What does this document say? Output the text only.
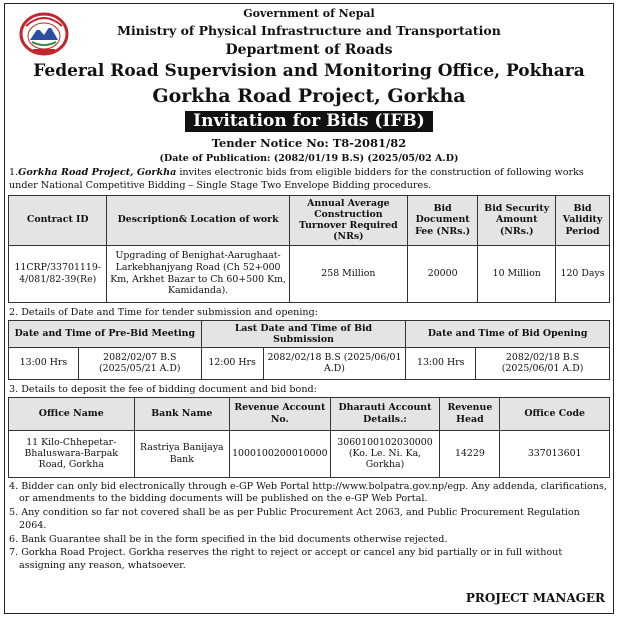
Government of Nepal
Ministry of Physical Infrastructure and Transportation
Department of Roads
Federal Road Supervision and Monitoring Office, Pokhara
Gorkha Road Project, Gorkha
Invitation for Bids (IFB)
Tender Notice No: T8-2081/82
(Date of Publication: (2082/01/19 B.S) (2025/05/02 A.D)
1.Gorkha Road Project, Gorkha invites electronic bids from eligible bidders for the construction of following works under National Competitive Bidding – Single Stage Two Envelope Bidding procedures.
Contract ID	Description& Location of work	Annual Average Construction Turnover Required (NRs)	Bid Document Fee (NRs.)	Bid Security Amount (NRs.)	Bid Validity Period
11CRP/33701119-4/081/82-39(Re)	Upgrading of Benighat-Aarughaat-Larkebhanjyang Road (Ch 52+000 Km, Arkhet Bazar to Ch 60+500 Km, Kamidanda).	258 Million	20000	10 Million	120 Days
2. Details of Date and Time for tender submission and opening:
Date and Time of Pre-Bid Meeting		Last Date and Time of Bid Submission		Date and Time of Bid Opening	
13:00 Hrs	2082/02/07 B.S (2025/05/21 A.D)	12:00 Hrs	2082/02/18 B.S (2025/06/01 A.D)	13:00 Hrs	2082/02/18 B.S (2025/06/01 A.D)
3. Details to deposit the fee of bidding document and bid bond:
Office Name	Bank Name	Revenue Account No.	Dharauti Account Details.:	Revenue Head	Office Code
11 Kilo-Chhepetar-Bhaluswara-Barpak Road, Gorkha	Rastriya Banijaya Bank	1000100200010000	3060100102030000 (Ko. Le. Ni. Ka, Gorkha)	14229	337013601
4. Bidder can only bid electronically through e-GP Web Portal http://www.bolpatra.gov.np/egp. Any addenda, clarifications, or amendments to the bidding documents will be published on the e-GP Web Portal.
5. Any condition so far not covered shall be as per Public Procurement Act 2063, and Public Procurement Regulation 2064.
6. Bank Guarantee shall be in the form specified in the bid documents otherwise rejected.
7. Gorkha Road Project. Gorkha reserves the right to reject or accept or cancel any bid partially or in full without assigning any reason, whatsoever.
PROJECT MANAGER
